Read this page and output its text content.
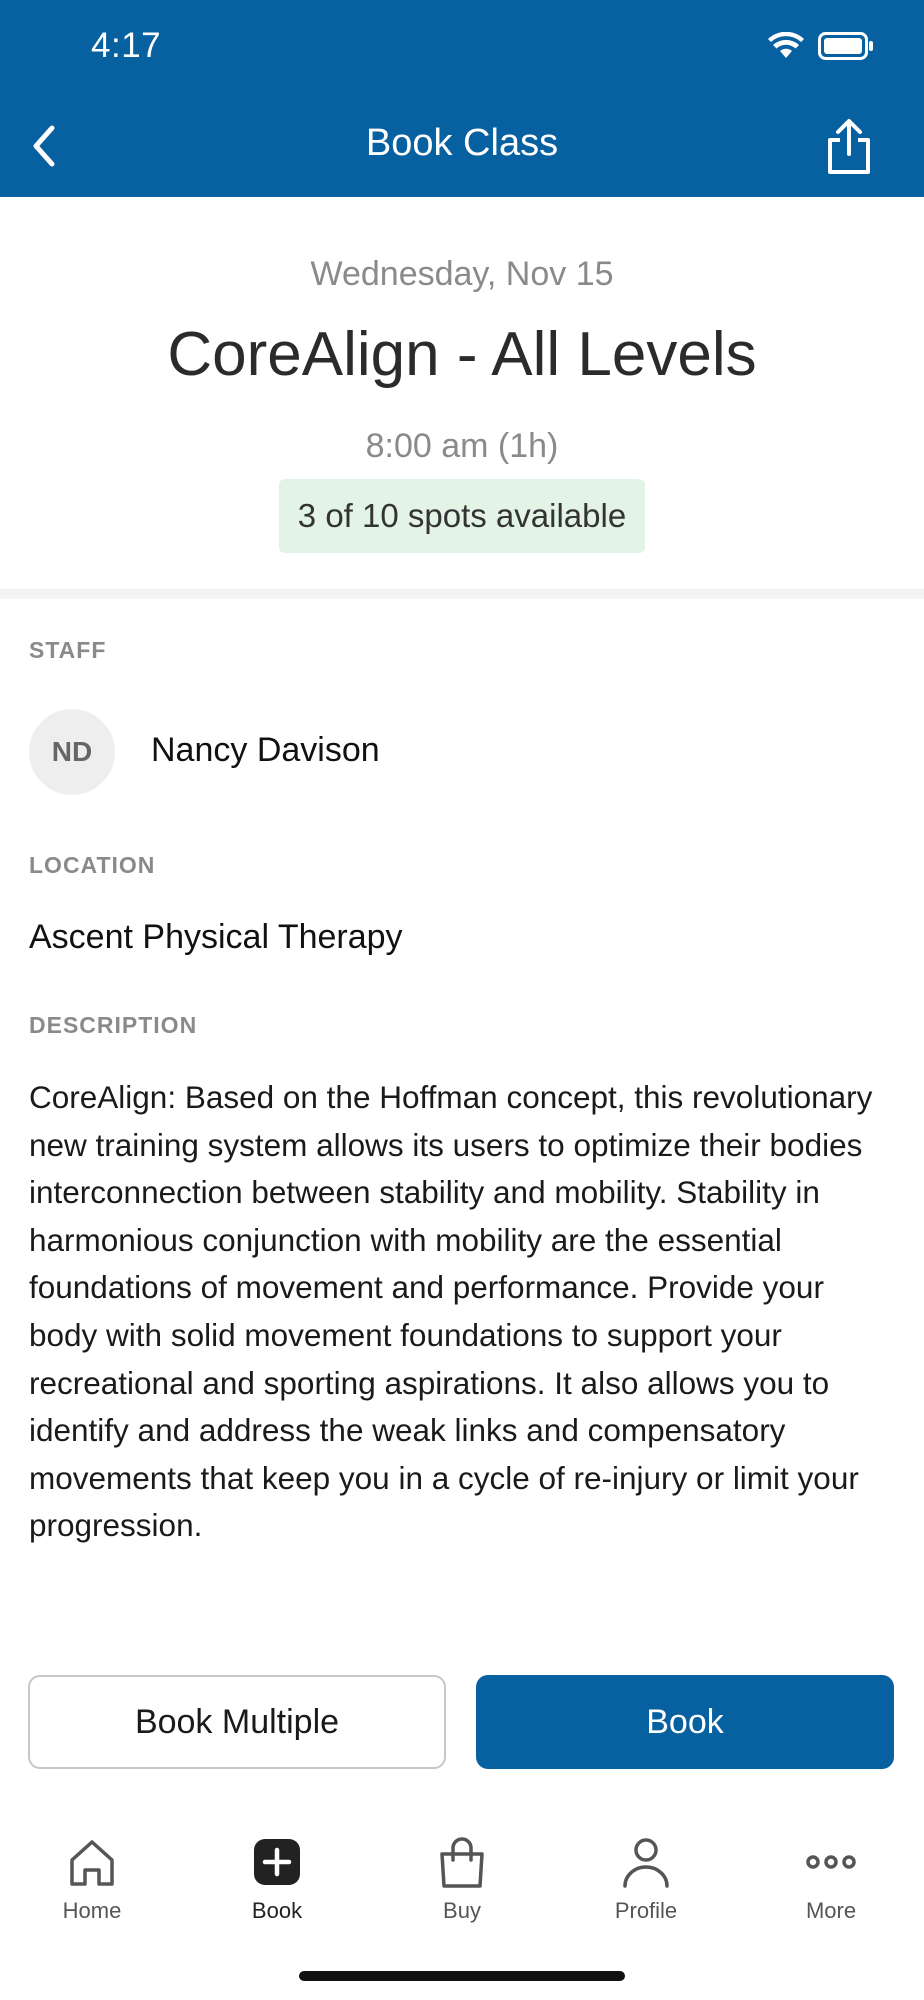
4:17
Book Class
Wednesday, Nov 15
CoreAlign - All Levels
8:00 am (1h)
3 of 10 spots available
STAFF
ND	Nancy Davison
LOCATION
Ascent Physical Therapy
DESCRIPTION
CoreAlign: Based on the Hoffman concept, this revolutionary new training system allows its users to optimize their bodies interconnection between stability and mobility. Stability in harmonious conjunction with mobility are the essential foundations of movement and performance. Provide your body with solid movement foundations to support your recreational and sporting aspirations. It also allows you to identify and address the weak links and compensatory movements that keep you in a cycle of re-injury or limit your progression.
Book Multiple	Book
Home	Book	Buy	Profile	More
